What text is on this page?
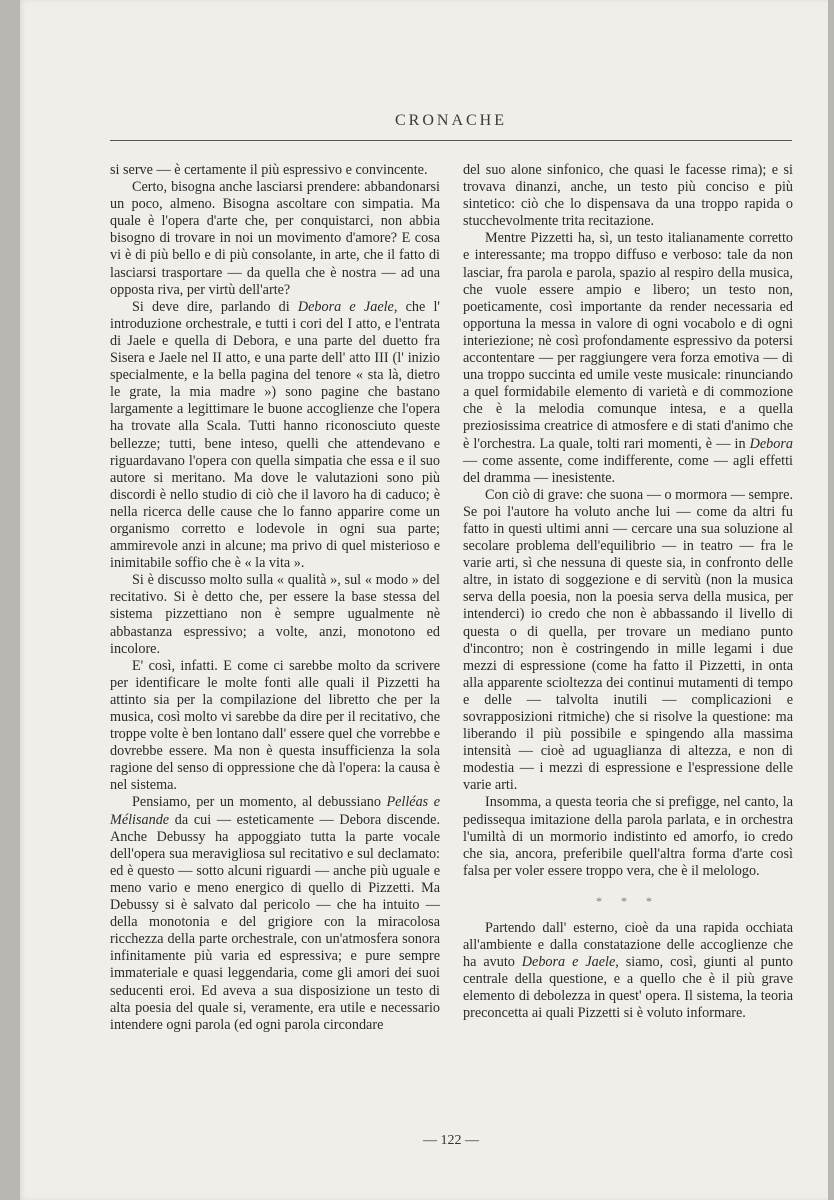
CRONACHE

si serve — è certamente il più espressivo e convincente.

Certo, bisogna anche lasciarsi prendere: abbandonarsi un poco, almeno. Bisogna ascoltare con simpatia. Ma quale è l'opera d'arte che, per conquistarci, non abbia bisogno di trovare in noi un movimento d'amore? E cosa vi è di più bello e di più consolante, in arte, che il fatto di lasciarsi trasportare — da quella che è nostra — ad una opposta riva, per virtù dell'arte?

Si deve dire, parlando di Debora e Jaele, che l' introduzione orchestrale, e tutti i cori del I atto, e l'entrata di Jaele e quella di Debora, e una parte del duetto fra Sisera e Jaele nel II atto, e una parte dell' atto III (l' inizio specialmente, e la bella pagina del tenore « sta là, dietro le grate, la mia madre ») sono pagine che bastano largamente a legittimare le buone accoglienze che l'opera ha trovate alla Scala. Tutti hanno riconosciuto queste bellezze; tutti, bene inteso, quelli che attendevano e riguardavano l'opera con quella simpatia che essa e il suo autore si meritano. Ma dove le valutazioni sono più discordi è nello studio di ciò che il lavoro ha di caduco; è nella ricerca delle cause che lo fanno apparire come un organismo corretto e lodevole in ogni sua parte; ammirevole anzi in alcune; ma privo di quel misterioso e inimitabile soffio che è « la vita ».

Si è discusso molto sulla « qualità », sul « modo » del recitativo. Si è detto che, per essere la base stessa del sistema pizzettiano non è sempre ugualmente nè abbastanza espressivo; a volte, anzi, monotono ed incolore.

E' così, infatti. E come ci sarebbe molto da scrivere per identificare le molte fonti alle quali il Pizzetti ha attinto sia per la compilazione del libretto che per la musica, così molto vi sarebbe da dire per il recitativo, che troppe volte è ben lontano dall' essere quel che vorrebbe e dovrebbe essere. Ma non è questa insufficienza la sola ragione del senso di oppressione che dà l'opera: la causa è nel sistema.

Pensiamo, per un momento, al debussiano Pelléas e Mélisande da cui — esteticamente — Debora discende. Anche Debussy ha appoggiato tutta la parte vocale dell'opera sua meravigliosa sul recitativo e sul declamato: ed è questo — sotto alcuni riguardi — anche più uguale e meno vario e meno energico di quello di Pizzetti. Ma Debussy si è salvato dal pericolo — che ha intuito — della monotonia e del grigiore con la miracolosa ricchezza della parte orchestrale, con un'atmosfera sonora infinitamente più varia ed espressiva; e pure sempre immateriale e quasi leggendaria, come gli amori dei suoi seducenti eroi. Ed aveva a sua disposizione un testo di alta poesia del quale si, veramente, era utile e necessario intendere ogni parola (ed ogni parola circondare

del suo alone sinfonico, che quasi le facesse rima); e si trovava dinanzi, anche, un testo più conciso e più sintetico: ciò che lo dispensava da una troppo rapida o stucchevolmente trita recitazione.

Mentre Pizzetti ha, sì, un testo italianamente corretto e interessante; ma troppo diffuso e verboso: tale da non lasciar, fra parola e parola, spazio al respiro della musica, che vuole essere ampio e libero; un testo non, poeticamente, così importante da render necessaria ed opportuna la messa in valore di ogni vocabolo e di ogni interiezione; nè così profondamente espressivo da potersi accontentare — per raggiungere vera forza emotiva — di una troppo succinta ed umile veste musicale: rinunciando a quel formidabile elemento di varietà e di commozione che è la melodia comunque intesa, e a quella preziosissima creatrice di atmosfere e di stati d'animo che è l'orchestra. La quale, tolti rari momenti, è — in Debora — come assente, come indifferente, come — agli effetti del dramma — inesistente.

Con ciò di grave: che suona — o mormora — sempre. Se poi l'autore ha voluto anche lui — come da altri fu fatto in questi ultimi anni — cercare una sua soluzione al secolare problema dell'equilibrio — in teatro — fra le varie arti, sì che nessuna di queste sia, in confronto delle altre, in istato di soggezione e di servitù (non la musica serva della poesia, non la poesia serva della musica, per intenderci) io credo che non è abbassando il livello di questa o di quella, per trovare un mediano punto d'incontro; non è costringendo in mille legami i due mezzi di espressione (come ha fatto il Pizzetti, in onta alla apparente scioltezza dei continui mutamenti di tempo e delle — talvolta inutili — complicazioni e sovrapposizioni ritmiche) che si risolve la questione: ma liberando il più possibile e spingendo alla massima intensità — cioè ad uguaglianza di altezza, e non di modestia — i mezzi di espressione e l'espressione delle varie arti.

Insomma, a questa teoria che si prefigge, nel canto, la pedissequa imitazione della parola parlata, e in orchestra l'umiltà di un mormorio indistinto ed amorfo, io credo che sia, ancora, preferibile quell'altra forma d'arte così falsa per voler essere troppo vera, che è il melologo.

* * *

Partendo dall' esterno, cioè da una rapida occhiata all'ambiente e dalla constatazione delle accoglienze che ha avuto Debora e Jaele, siamo, così, giunti al punto centrale della questione, e a quello che è il più grave elemento di debolezza in quest' opera. Il sistema, la teoria preconcetta ai quali Pizzetti si è voluto informare.

— 122 —
